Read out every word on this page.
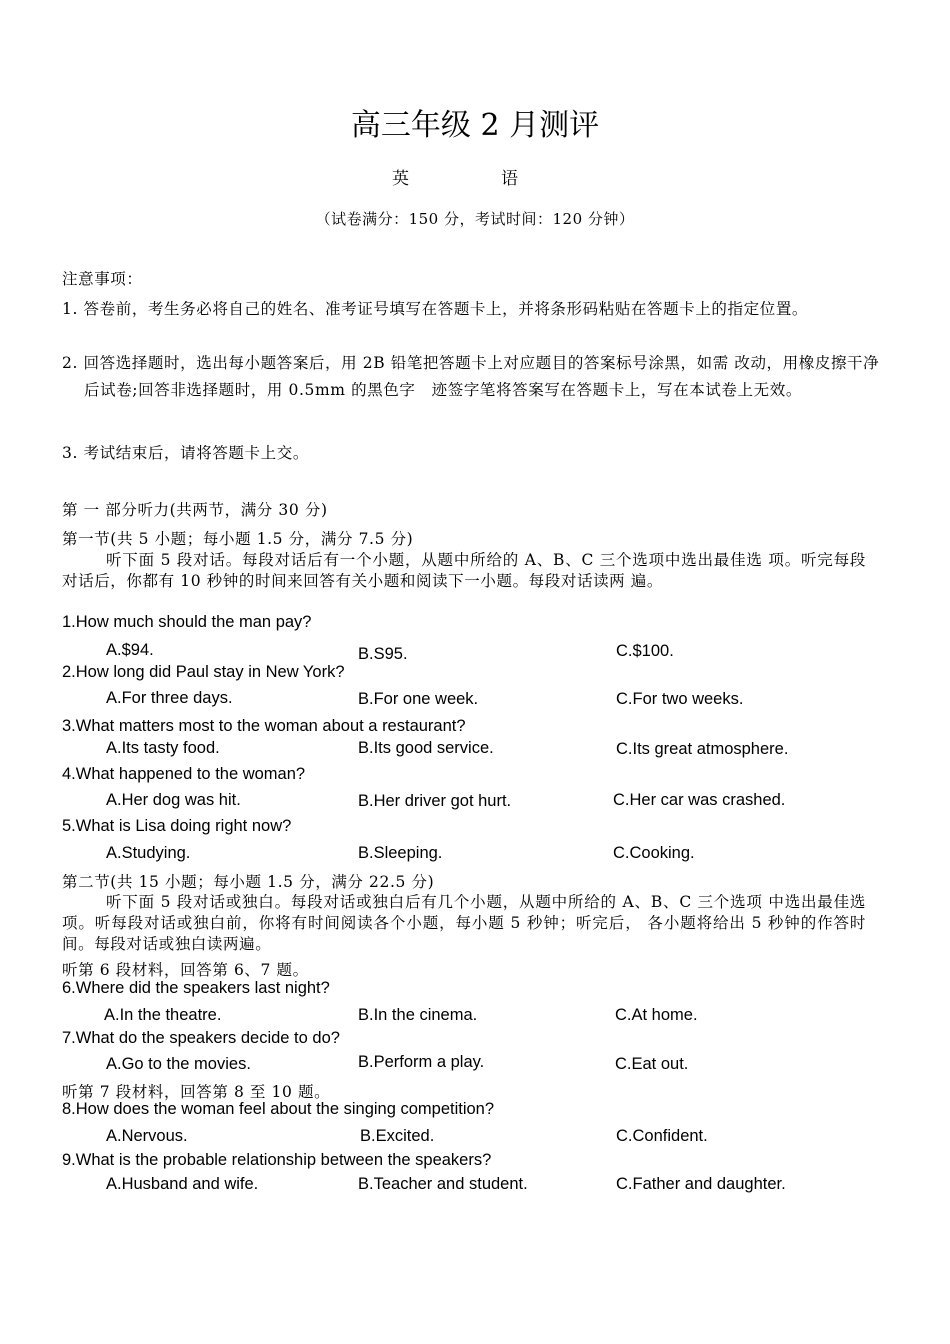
高三年级 2 月测评
英	语
（试卷满分：150 分，考试时间：120 分钟）
注意事项：
1. 答卷前，考生务必将自己的姓名、准考证号填写在答题卡上，并将条形码粘贴在答题卡上的指定位置。
2. 回答选择题时，选出每小题答案后，用 2B 铅笔把答题卡上对应题目的答案标号涂黑，如需 改动，用橡皮擦干净后试卷;回答非选择题时，用 0.5mm 的黑色字　迹签字笔将答案写在答题卡上，写在本试卷上无效。
3. 考试结束后，请将答题卡上交。
第 一 部分听力(共两节，满分 30 分)
第一节(共 5 小题；每小题 1.5 分，满分 7.5 分)
听下面 5 段对话。每段对话后有一个小题，从题中所给的 A、B、C 三个选项中选出最佳选 项。听完每段对话后，你都有 10 秒钟的时间来回答有关小题和阅读下一小题。每段对话读两 遍。
1.How much should the man pay?
A.$94.	B.S95.	C.$100.
2.How long did Paul stay in New York?
A.For three days.	B.For one week.	C.For two weeks.
3.What matters most to the woman about a restaurant?
A.Its tasty food.	B.Its good service.	C.Its great atmosphere.
4.What happened to the woman?
A.Her dog was hit.	B.Her driver got hurt.	C.Her car was crashed.
5.What is Lisa doing right now?
A.Studying.	B.Sleeping.	C.Cooking.
第二节(共 15 小题；每小题 1.5 分，满分 22.5 分)
听下面 5 段对话或独白。每段对话或独白后有几个小题，从题中所给的 A、B、C 三个选项 中选出最佳选项。听每段对话或独白前，你将有时间阅读各个小题，每小题 5 秒钟；听完后， 各小题将给出 5 秒钟的作答时间。每段对话或独白读两遍。
听第 6 段材料，回答第 6、7 题。
6.Where did the speakers last night?
A.In the theatre.	B.In the cinema.	C.At home.
7.What do the speakers decide to do?
A.Go to the movies.	B.Perform a play.	C.Eat out.
听第 7 段材料，回答第 8 至 10 题。
8.How does the woman feel about the singing competition?
A.Nervous.	B.Excited.	C.Confident.
9.What is the probable relationship between the speakers?
A.Husband and wife.	B.Teacher and student.	C.Father and daughter.
